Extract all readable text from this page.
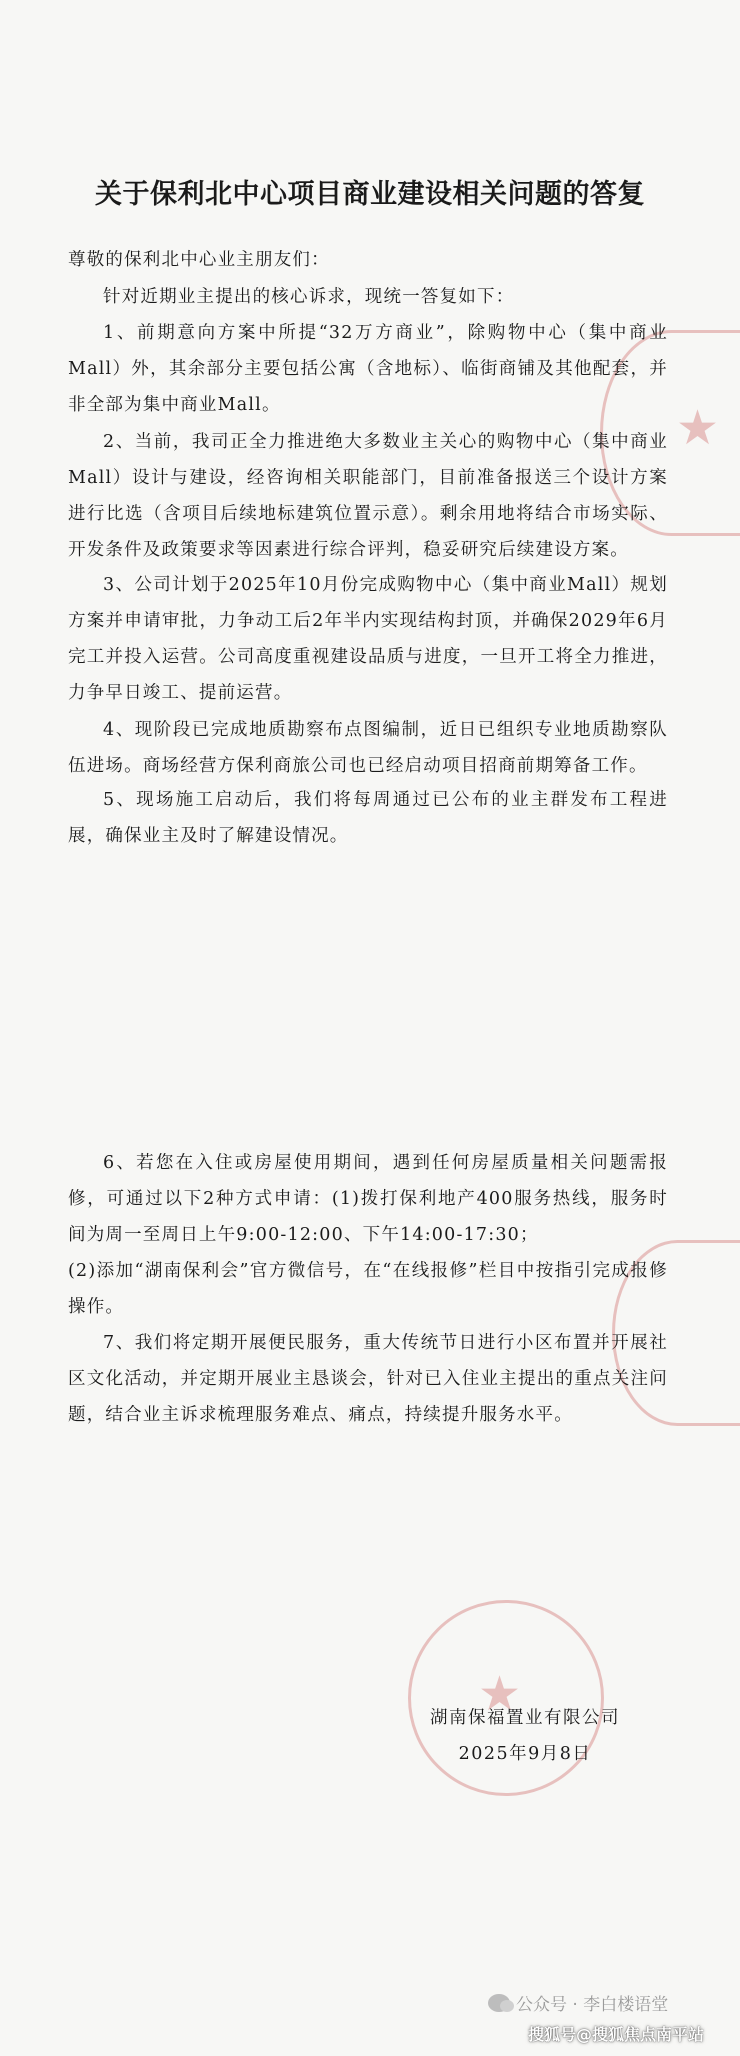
★
★
关于保利北中心项目商业建设相关问题的答复
尊敬的保利北中心业主朋友们：
针对近期业主提出的核心诉求，现统一答复如下：
1、前期意向方案中所提“32万方商业”，除购物中心（集中商业Mall）外，其余部分主要包括公寓（含地标）、临街商铺及其他配套，并非全部为集中商业Mall。
2、当前，我司正全力推进绝大多数业主关心的购物中心（集中商业Mall）设计与建设，经咨询相关职能部门，目前准备报送三个设计方案进行比选（含项目后续地标建筑位置示意）。剩余用地将结合市场实际、开发条件及政策要求等因素进行综合评判，稳妥研究后续建设方案。
3、公司计划于2025年10月份完成购物中心（集中商业Mall）规划方案并申请审批，力争动工后2年半内实现结构封顶，并确保2029年6月完工并投入运营。公司高度重视建设品质与进度，一旦开工将全力推进，力争早日竣工、提前运营。
4、现阶段已完成地质勘察布点图编制，近日已组织专业地质勘察队伍进场。商场经营方保利商旅公司也已经启动项目招商前期筹备工作。
5、现场施工启动后，我们将每周通过已公布的业主群发布工程进展，确保业主及时了解建设情况。
6、若您在入住或房屋使用期间，遇到任何房屋质量相关问题需报修，可通过以下2种方式申请：(1)拨打保利地产400服务热线，服务时间为周一至周日上午9:00-12:00、下午14:00-17:30；
(2)添加“湖南保利会”官方微信号，在“在线报修”栏目中按指引完成报修操作。
7、我们将定期开展便民服务，重大传统节日进行小区布置并开展社区文化活动，并定期开展业主恳谈会，针对已入住业主提出的重点关注问题，结合业主诉求梳理服务难点、痛点，持续提升服务水平。
湖南保福置业有限公司
2025年9月8日
公众号 · 李白楼语堂
搜狐号@搜狐焦点南平站
